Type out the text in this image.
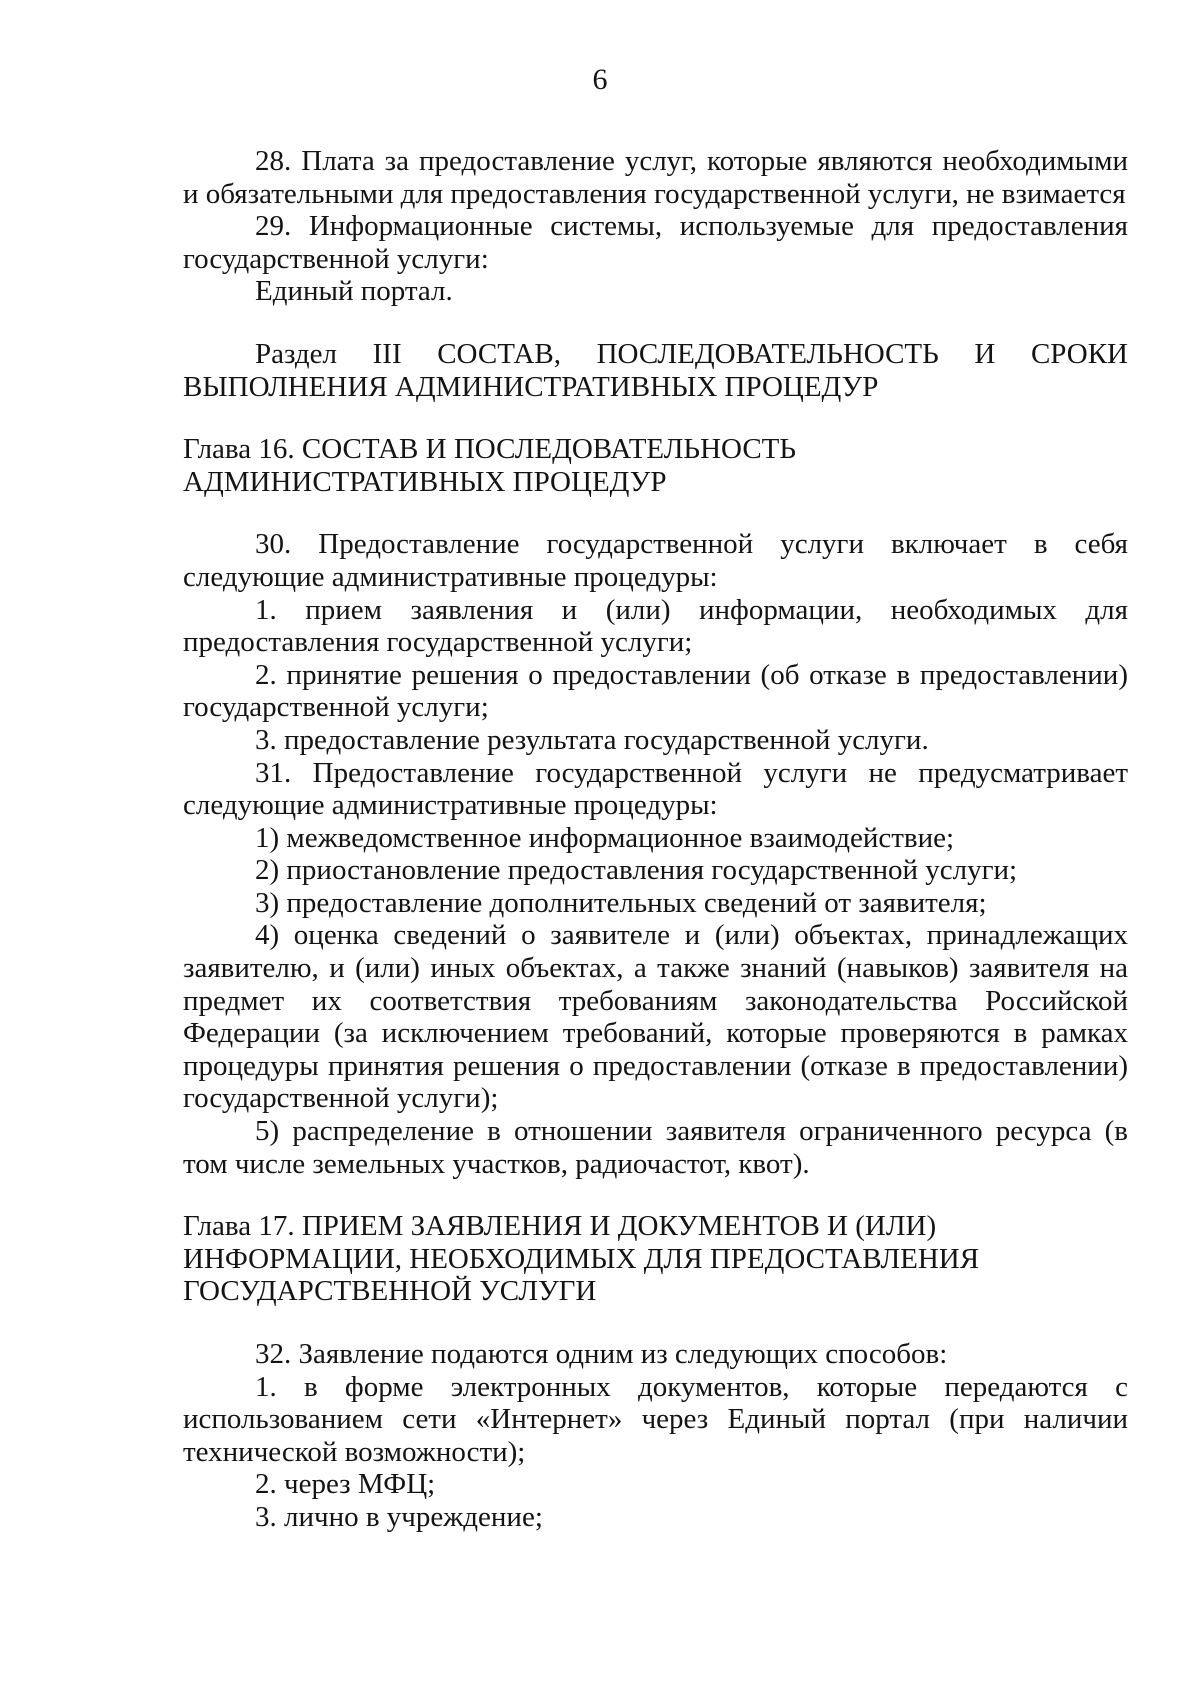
6

28. Плата за предоставление услуг, которые являются необходимыми и обязательными для предоставления государственной услуги, не взимается

29. Информационные системы, используемые для предоставления государственной услуги:

Единый портал.

Раздел III СОСТАВ, ПОСЛЕДОВАТЕЛЬНОСТЬ И СРОКИ ВЫПОЛНЕНИЯ АДМИНИСТРАТИВНЫХ ПРОЦЕДУР

Глава 16. СОСТАВ И ПОСЛЕДОВАТЕЛЬНОСТЬ

АДМИНИСТРАТИВНЫХ ПРОЦЕДУР

30. Предоставление государственной услуги включает в себя следующие административные процедуры:

1. прием заявления и (или) информации, необходимых для предоставления государственной услуги;

2. принятие решения о предоставлении (об отказе в предоставлении) государственной услуги;

3. предоставление результата государственной услуги.

31. Предоставление государственной услуги не предусматривает следующие административные процедуры:

1) межведомственное информационное взаимодействие;

2) приостановление предоставления государственной услуги;

3) предоставление дополнительных сведений от заявителя;

4) оценка сведений о заявителе и (или) объектах, принадлежащих заявителю, и (или) иных объектах, а также знаний (навыков) заявителя на предмет их соответствия требованиям законодательства Российской Федерации (за исключением требований, которые проверяются в рамках процедуры принятия решения о предоставлении (отказе в предоставлении) государственной услуги);

5) распределение в отношении заявителя ограниченного ресурса (в том числе земельных участков, радиочастот, квот).

Глава 17. ПРИЕМ ЗАЯВЛЕНИЯ И ДОКУМЕНТОВ И (ИЛИ)

ИНФОРМАЦИИ, НЕОБХОДИМЫХ ДЛЯ ПРЕДОСТАВЛЕНИЯ

ГОСУДАРСТВЕННОЙ УСЛУГИ

32. Заявление подаются одним из следующих способов:

1. в форме электронных документов, которые передаются с использованием сети «Интернет» через Единый портал (при наличии технической возможности);

2. через МФЦ;

3. лично в учреждение;
